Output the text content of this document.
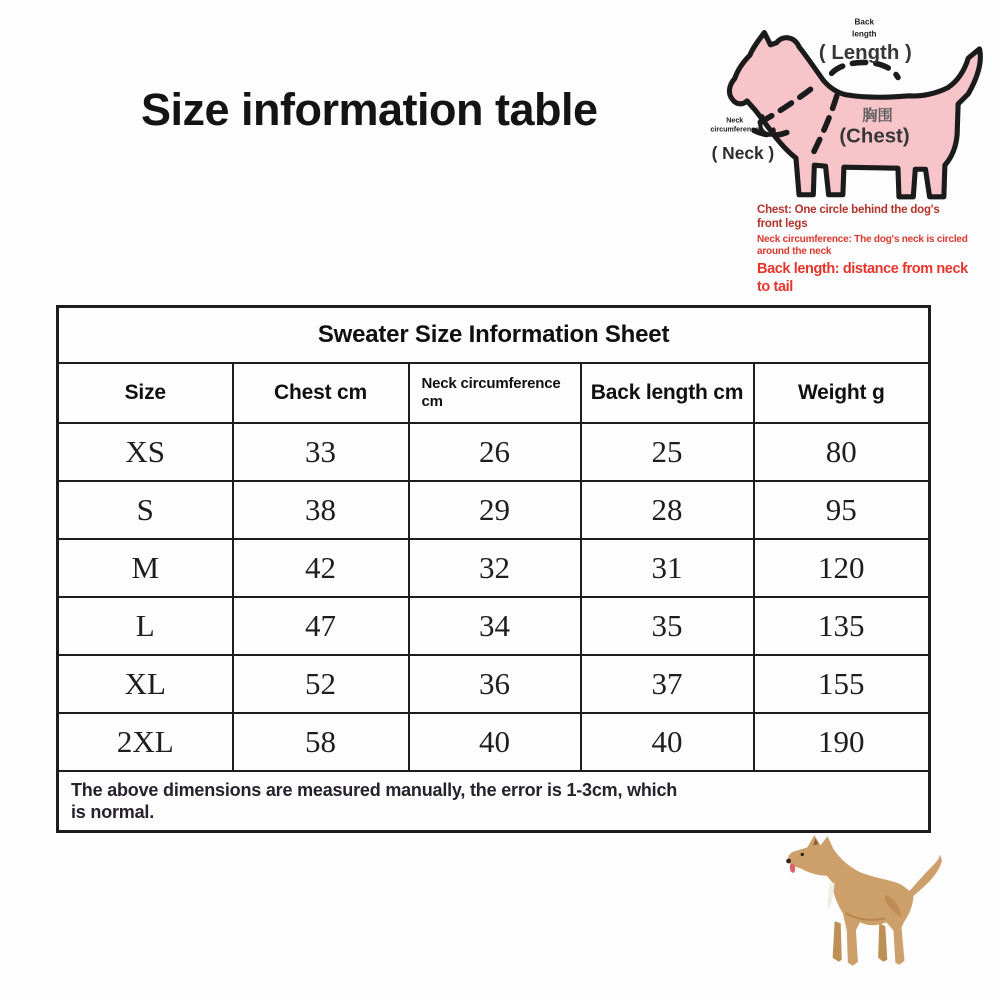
Size information table
Back
length
( Length )
胸围
(Chest)
Neck
circumference
( Neck )

Chest: One circle behind the dog's
front legs

Neck circumference: The dog's neck is circled
around the neck

Back length: distance from neck
to tail

Sweater Size Information Sheet				
Size	Chest cm	Neck circumference cm	Back length cm	Weight g
XS	33	26	25	80
S	38	29	28	95
M	42	32	31	120
L	47	34	35	135
XL	52	36	37	155
2XL	58	40	40	190

The above dimensions are measured manually, the error is 1-3cm, which
is normal.				
